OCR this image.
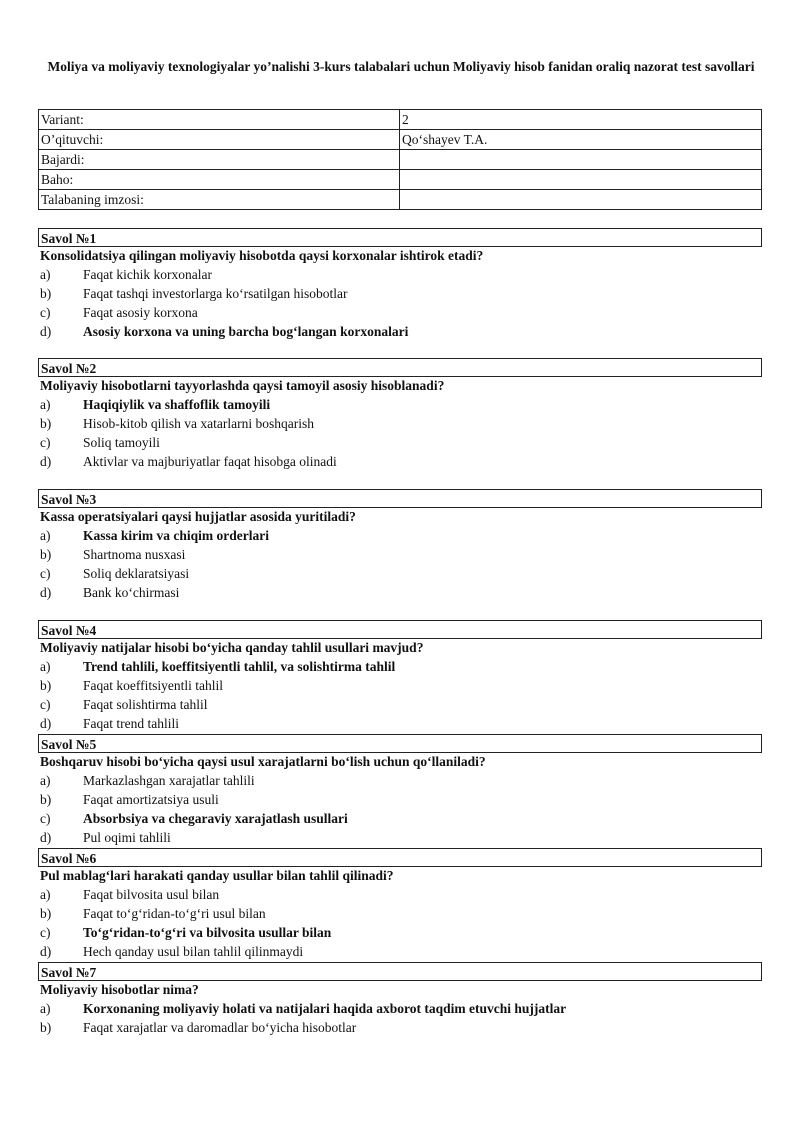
Moliya va moliyaviy texnologiyalar yo’nalishi 3-kurs talabalari uchun Moliyaviy hisob fanidan oraliq nazorat test savollari
Variant:	2
O’qituvchi:	Qo‘shayev T.A.
Bajardi:	
Baho:	
Talabaning imzosi:	
Savol №1
Konsolidatsiya qilingan moliyaviy hisobotda qaysi korxonalar ishtirok etadi?
a) Faqat kichik korxonalar
b) Faqat tashqi investorlarga ko‘rsatilgan hisobotlar
c) Faqat asosiy korxona
d) Asosiy korxona va uning barcha bog‘langan korxonalari
Savol №2
Moliyaviy hisobotlarni tayyorlashda qaysi tamoyil asosiy hisoblanadi?
a) Haqiqiylik va shaffoflik tamoyili
b) Hisob-kitob qilish va xatarlarni boshqarish
c) Soliq tamoyili
d) Aktivlar va majburiyatlar faqat hisobga olinadi
Savol №3
Kassa operatsiyalari qaysi hujjatlar asosida yuritiladi?
a) Kassa kirim va chiqim orderlari
b) Shartnoma nusxasi
c) Soliq deklaratsiyasi
d) Bank ko‘chirmasi
Savol №4
Moliyaviy natijalar hisobi bo‘yicha qanday tahlil usullari mavjud?
a) Trend tahlili, koeffitsiyentli tahlil, va solishtirma tahlil
b) Faqat koeffitsiyentli tahlil
c) Faqat solishtirma tahlil
d) Faqat trend tahlili
Savol №5
Boshqaruv hisobi bo‘yicha qaysi usul xarajatlarni bo‘lish uchun qo‘llaniladi?
a) Markazlashgan xarajatlar tahlili
b) Faqat amortizatsiya usuli
c) Absorbsiya va chegaraviy xarajatlash usullari
d) Pul oqimi tahlili
Savol №6
Pul mablag‘lari harakati qanday usullar bilan tahlil qilinadi?
a) Faqat bilvosita usul bilan
b) Faqat to‘g‘ridan-to‘g‘ri usul bilan
c) To‘g‘ridan-to‘g‘ri va bilvosita usullar bilan
d) Hech qanday usul bilan tahlil qilinmaydi
Savol №7
Moliyaviy hisobotlar nima?
a) Korxonaning moliyaviy holati va natijalari haqida axborot taqdim etuvchi hujjatlar
b) Faqat xarajatlar va daromadlar bo‘yicha hisobotlar
